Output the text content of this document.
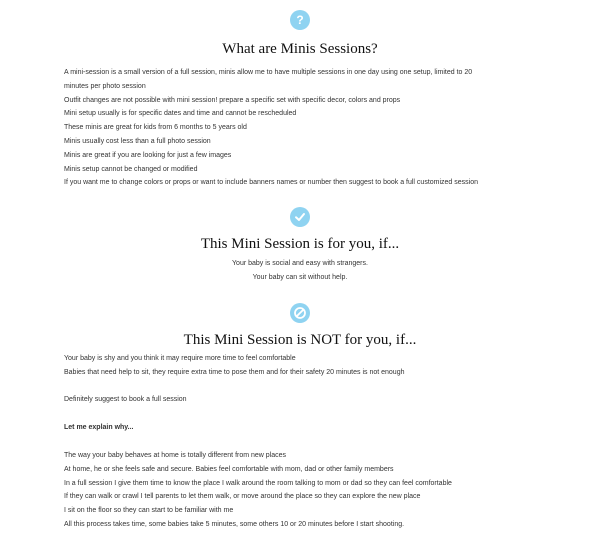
?
What are Minis Sessions?

A mini-session is a small version of a full session, minis allow me to have multiple sessions in one day using one setup, limited to 20

minutes per photo session

Outfit changes are not possible with mini session! prepare a specific set with specific decor, colors and props

Mini setup usually is for specific dates and time and cannot be rescheduled

These minis are great for kids from 6 months to 5 years old

Minis usually cost less than a full photo session

Minis are great if you are looking for just a few images

Minis setup cannot be changed or modified

If you want me to change colors or props or want to include banners names or number then suggest to book a full customized session

This Mini Session is for you, if...

Your baby is social and easy with strangers.

Your baby can sit without help.

This Mini Session is NOT for you, if...

Your baby is shy and you think it may require more time to feel comfortable

Babies that need help to sit, they require extra time to pose them and for their safety 20 minutes is not enough

Definitely suggest to book a full session

Let me explain why...

The way your baby behaves at home is totally different from new places

At home, he or she feels safe and secure. Babies feel comfortable with mom, dad or other family members

In a full session I give them time to know the place I walk around the room talking to mom or dad so they can feel comfortable

If they can walk or crawl I tell parents to let them walk, or move around the place so they can explore the new place

I sit on the floor so they can start to be familiar with me

All this process takes time, some babies take 5 minutes, some others 10 or 20 minutes before I start shooting.
